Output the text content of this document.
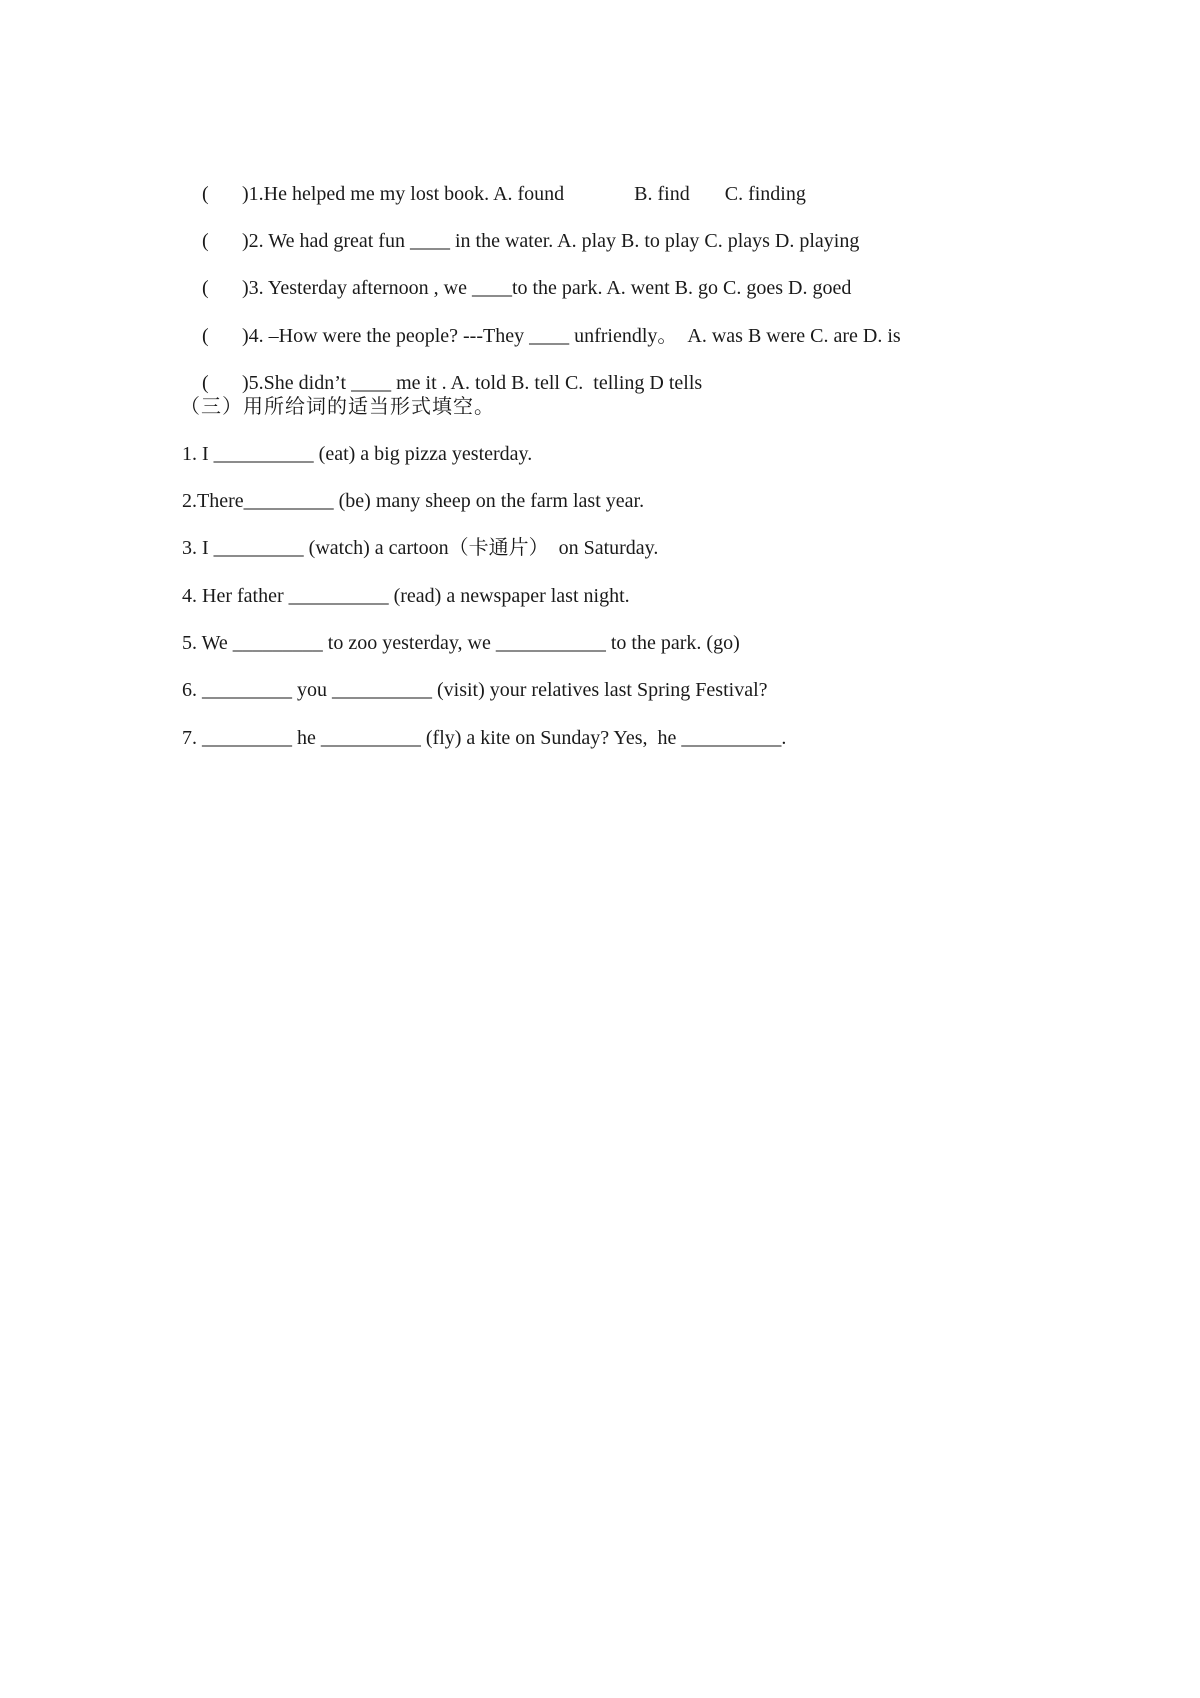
( )1.He helped me my lost book. A. found              B. find       C. finding

( )2. We had great fun ____ in the water. A. play B. to play C. plays D. playing

( )3. Yesterday afternoon , we ____to the park. A. went B. go C. goes D. goed

( )4. –How were the people? ---They ____ unfriendly。  A. was B were C. are D. is

( )5.She didn’t ____ me it . A. told B. tell C.  telling D tells

（三）用所给词的适当形式填空。
1. I __________ (eat) a big pizza yesterday.
2.There_________ (be) many sheep on the farm last year.
3. I _________ (watch) a cartoon（卡通片）  on Saturday.
4. Her father __________ (read) a newspaper last night.
5. We _________ to zoo yesterday, we ___________ to the park. (go)
6. _________ you __________ (visit) your relatives last Spring Festival?
7. _________ he __________ (fly) a kite on Sunday? Yes,  he __________.
